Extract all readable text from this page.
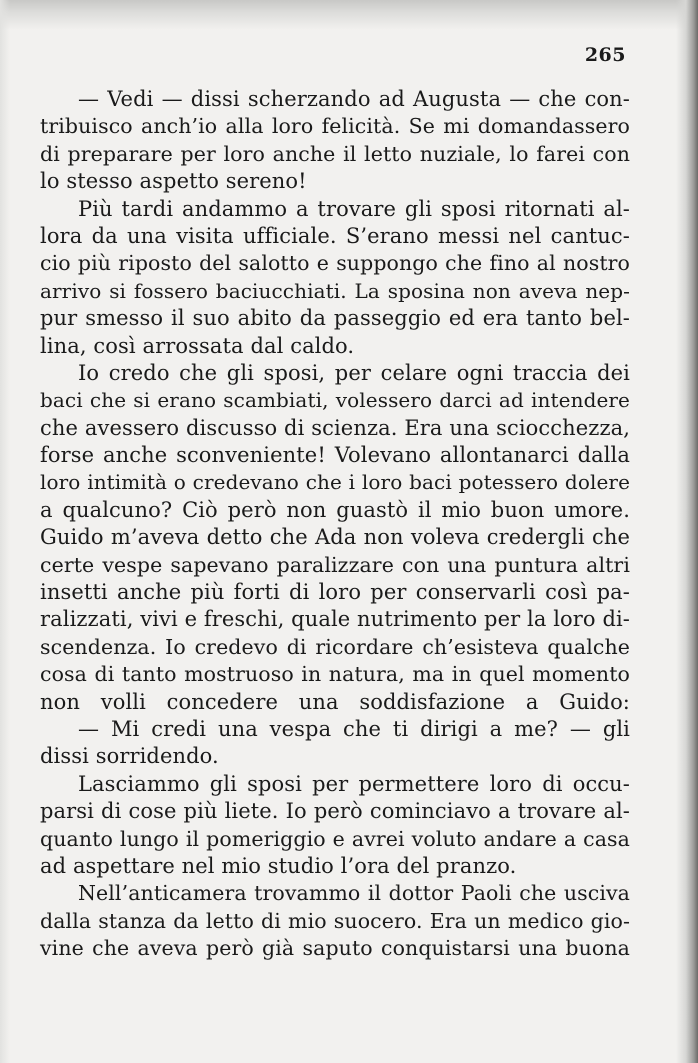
265
— Vedi — dissi scherzando ad Augusta — che con-
tribuisco anch’io alla loro felicità. Se mi domandassero
di preparare per loro anche il letto nuziale, lo farei con
lo stesso aspetto sereno!
Più tardi andammo a trovare gli sposi ritornati al-
lora da una visita ufficiale. S’erano messi nel cantuc-
cio più riposto del salotto e suppongo che fino al nostro
arrivo si fossero baciucchiati. La sposina non aveva nep-
pur smesso il suo abito da passeggio ed era tanto bel-
lina, così arrossata dal caldo.
Io credo che gli sposi, per celare ogni traccia dei
baci che si erano scambiati, volessero darci ad intendere
che avessero discusso di scienza. Era una sciocchezza,
forse anche sconveniente! Volevano allontanarci dalla
loro intimità o credevano che i loro baci potessero dolere
a qualcuno? Ciò però non guastò il mio buon umore.
Guido m’aveva detto che Ada non voleva credergli che
certe vespe sapevano paralizzare con una puntura altri
insetti anche più forti di loro per conservarli così pa-
ralizzati, vivi e freschi, quale nutrimento per la loro di-
scendenza. Io credevo di ricordare ch’esisteva qualche
cosa di tanto mostruoso in natura, ma in quel momento
non volli concedere una soddisfazione a Guido:
— Mi credi una vespa che ti dirigi a me? — gli
dissi sorridendo.
Lasciammo gli sposi per permettere loro di occu-
parsi di cose più liete. Io però cominciavo a trovare al-
quanto lungo il pomeriggio e avrei voluto andare a casa
ad aspettare nel mio studio l’ora del pranzo.
Nell’anticamera trovammo il dottor Paoli che usciva
dalla stanza da letto di mio suocero. Era un medico gio-
vine che aveva però già saputo conquistarsi una buona
